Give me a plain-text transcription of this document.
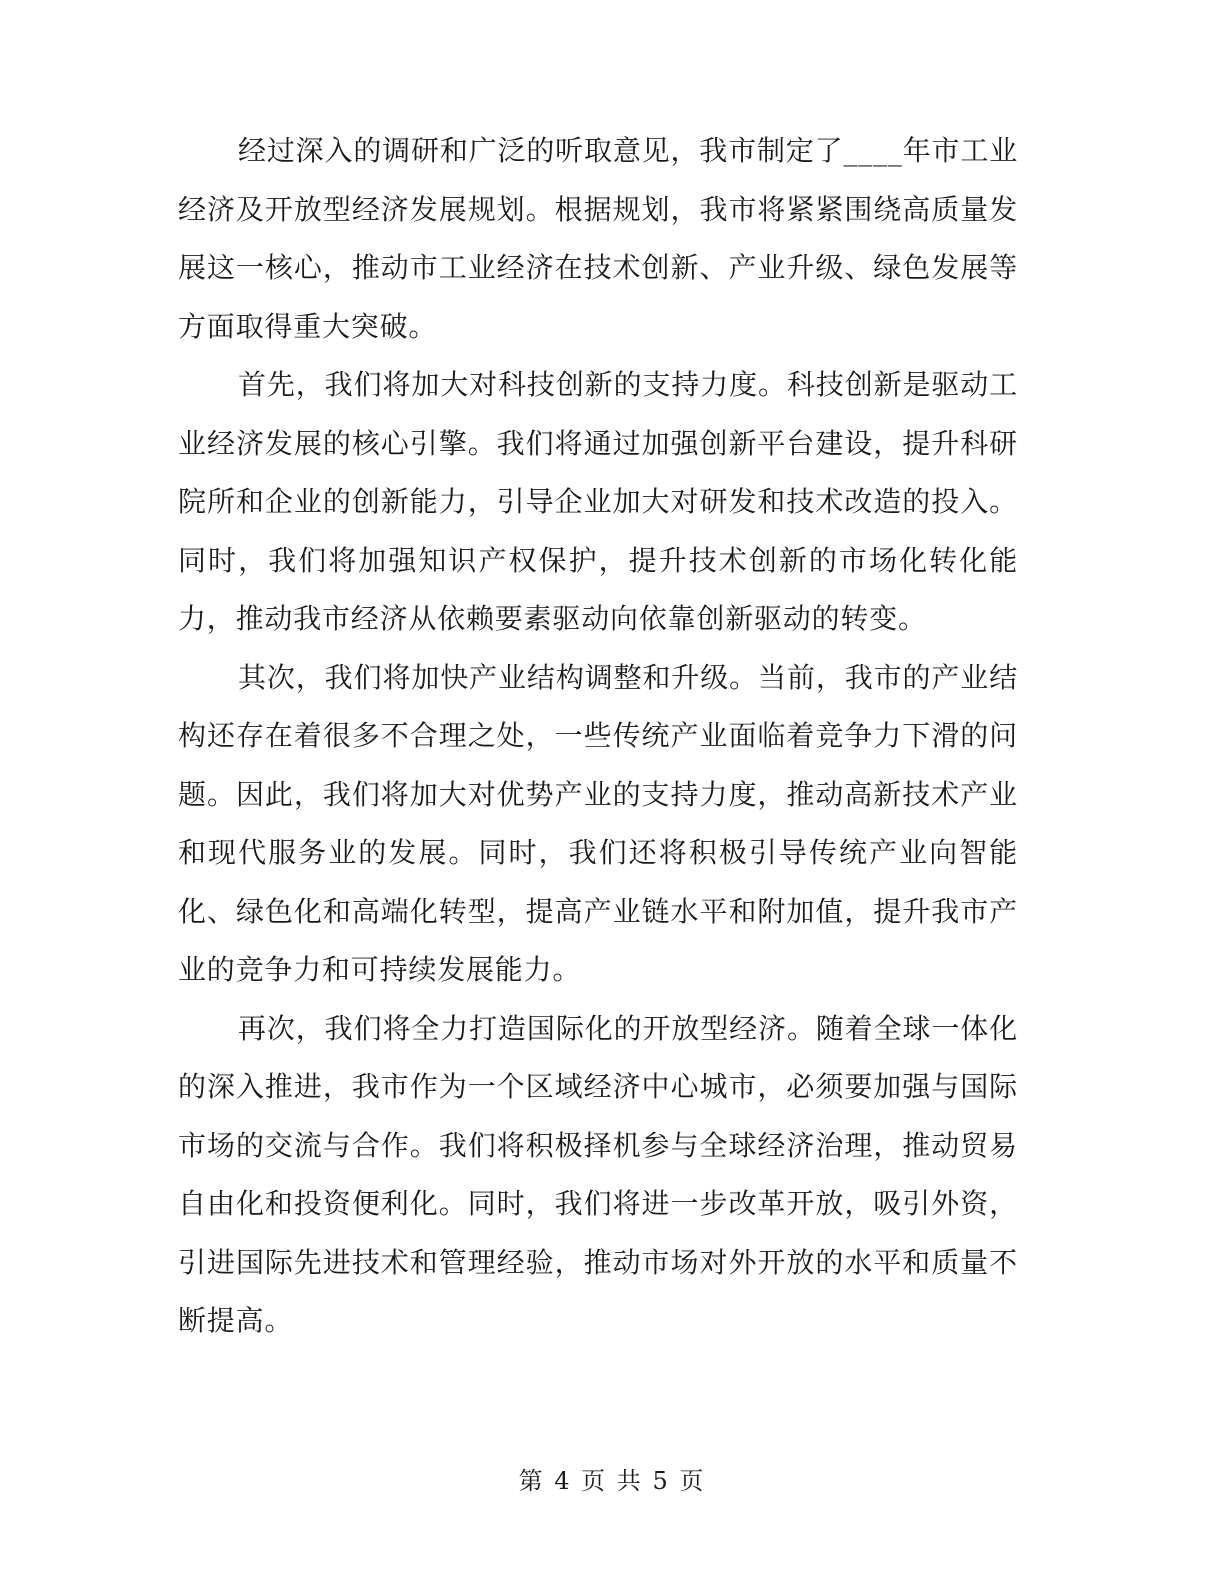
经过深入的调研和广泛的听取意见，我市制定了____年市工业经济及开放型经济发展规划。根据规划，我市将紧紧围绕高质量发展这一核心，推动市工业经济在技术创新、产业升级、绿色发展等方面取得重大突破。

首先，我们将加大对科技创新的支持力度。科技创新是驱动工业经济发展的核心引擎。我们将通过加强创新平台建设，提升科研院所和企业的创新能力，引导企业加大对研发和技术改造的投入。同时，我们将加强知识产权保护，提升技术创新的市场化转化能力，推动我市经济从依赖要素驱动向依靠创新驱动的转变。

其次，我们将加快产业结构调整和升级。当前，我市的产业结构还存在着很多不合理之处，一些传统产业面临着竞争力下滑的问题。因此，我们将加大对优势产业的支持力度，推动高新技术产业和现代服务业的发展。同时，我们还将积极引导传统产业向智能化、绿色化和高端化转型，提高产业链水平和附加值，提升我市产业的竞争力和可持续发展能力。

再次，我们将全力打造国际化的开放型经济。随着全球一体化的深入推进，我市作为一个区域经济中心城市，必须要加强与国际市场的交流与合作。我们将积极择机参与全球经济治理，推动贸易自由化和投资便利化。同时，我们将进一步改革开放，吸引外资，引进国际先进技术和管理经验，推动市场对外开放的水平和质量不断提高。

第 4 页 共 5 页
